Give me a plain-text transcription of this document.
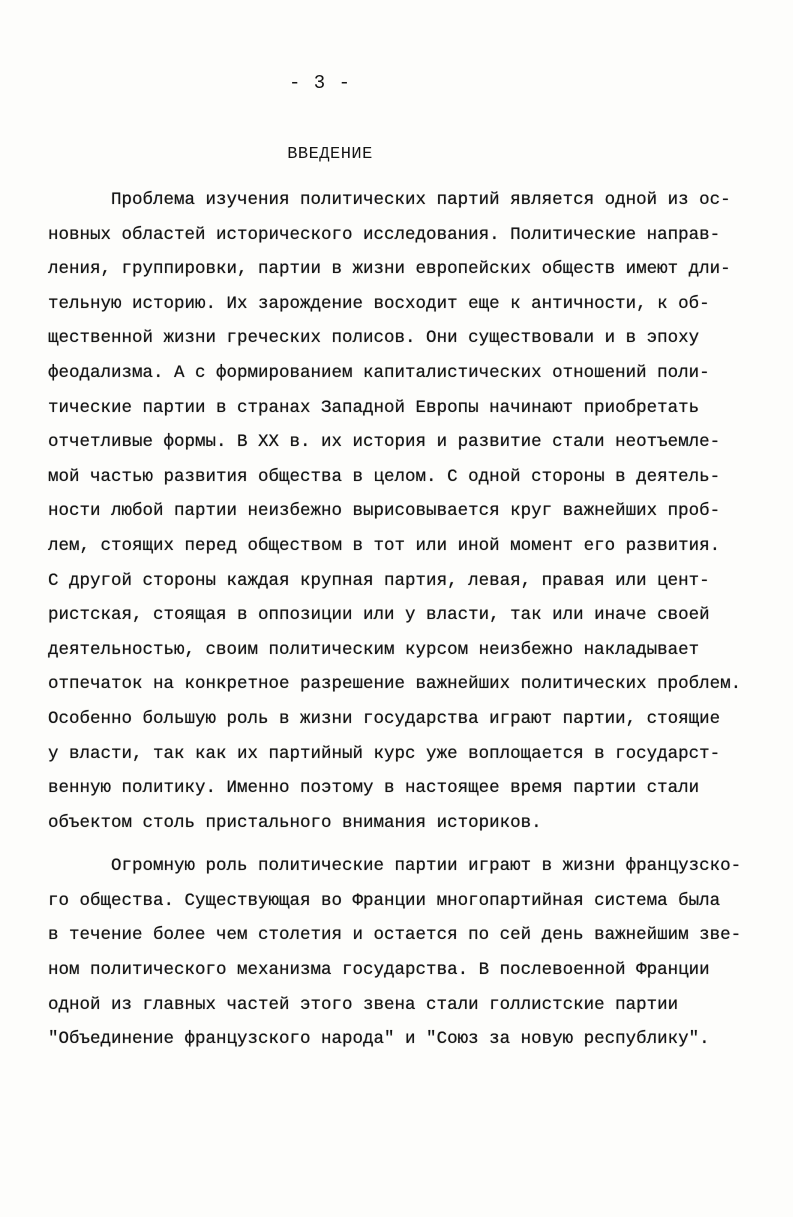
- 3 -
ВВЕДЕНИЕ
Проблема изучения политических партий является одной из ос-
новных областей исторического исследования. Политические направ-
ления, группировки, партии в жизни европейских обществ имеют дли-
тельную историю. Их зарождение восходит еще к античности, к об-
щественной жизни греческих полисов. Они существовали и в эпоху
феодализма. А с формированием капиталистических отношений поли-
тические партии в странах Западной Европы начинают приобретать
отчетливые формы. В XX в. их история и развитие стали неотъемле-
мой частью развития общества в целом. С одной стороны в деятель-
ности любой партии неизбежно вырисовывается круг важнейших проб-
лем, стоящих перед обществом в тот или иной момент его развития.
С другой стороны каждая крупная партия, левая, правая или цент-
ристская, стоящая в оппозиции или у власти, так или иначе своей
деятельностью, своим политическим курсом неизбежно накладывает
отпечаток на конкретное разрешение важнейших политических проблем.
Особенно большую роль в жизни государства играют партии, стоящие
у власти, так как их партийный курс уже воплощается в государст-
венную политику. Именно поэтому в настоящее время партии стали
объектом столь пристального внимания историков.
Огромную роль политические партии играют в жизни французско-
го общества. Существующая во Франции многопартийная система была
в течение более чем столетия и остается по сей день важнейшим зве-
ном политического механизма государства. В послевоенной Франции
одной из главных частей этого звена стали голлистские партии
"Объединение французского народа" и "Союз за новую республику".
